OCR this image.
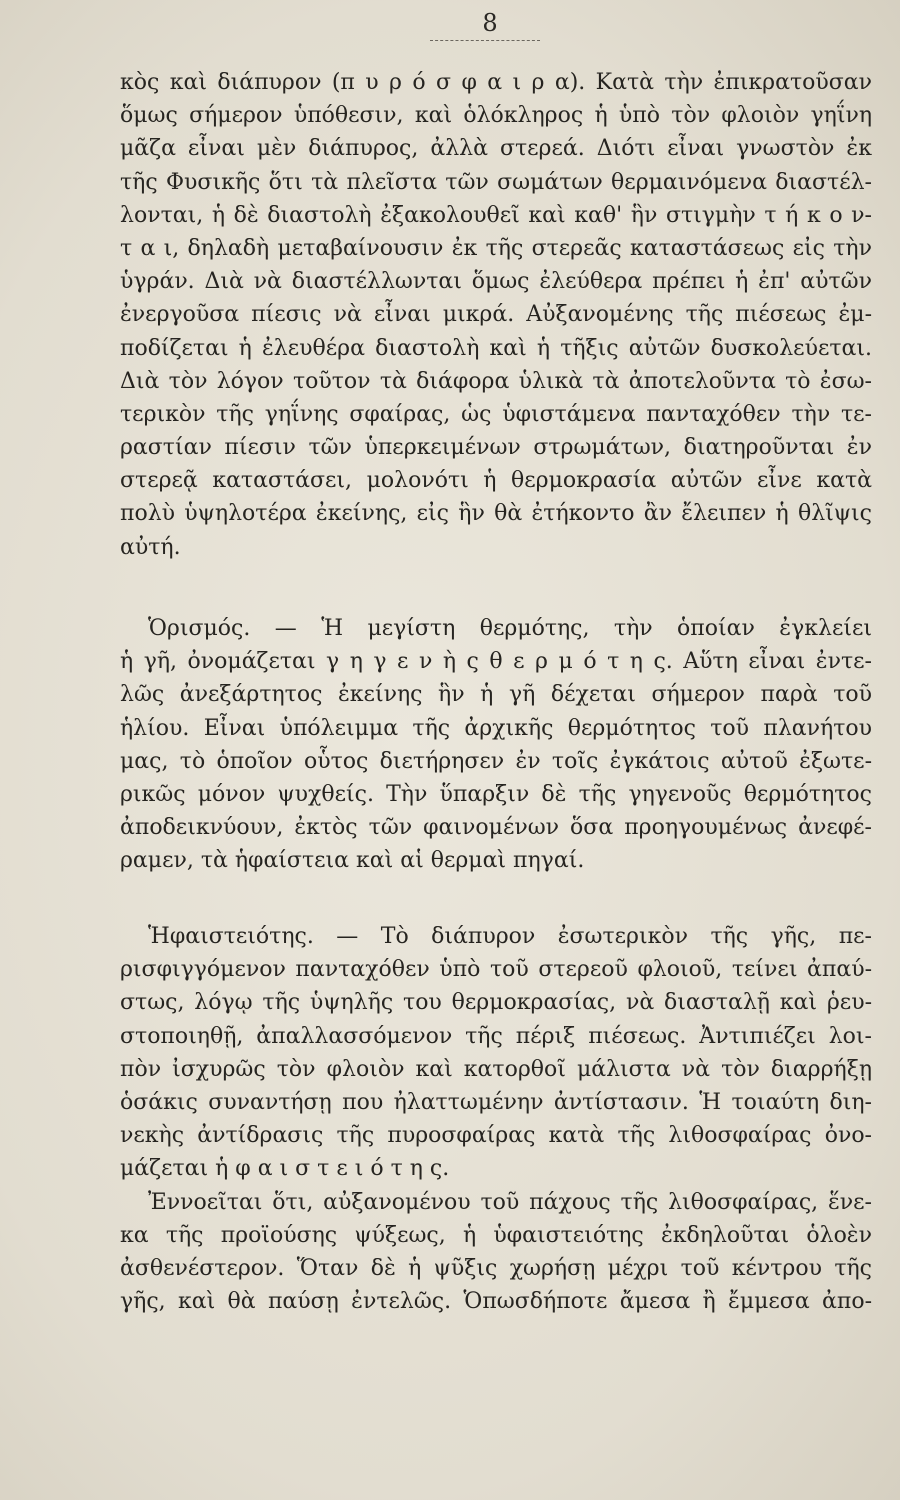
8
κὸς καὶ διάπυρον (π υ ρ ό σ φ α ι ρ α). Κατὰ τὴν ἐπικρατοῦσαν
ὅμως σήμερον ὑπόθεσιν, καὶ ὁλόκληρος ἡ ὑπὸ τὸν φλοιὸν γηΐνη
μᾶζα εἶναι μὲν διάπυρος, ἀλλὰ στερεά. Διότι εἶναι γνωστὸν ἐκ
τῆς Φυσικῆς ὅτι τὰ πλεῖστα τῶν σωμάτων θερμαινόμενα διαστέλ-
λονται, ἡ δὲ διαστολὴ ἐξακολουθεῖ καὶ καθ' ἣν στιγμὴν τ ή κ ο ν-
τ α ι, δηλαδὴ μεταβαίνουσιν ἐκ τῆς στερεᾶς καταστάσεως εἰς τὴν
ὑγράν. Διὰ νὰ διαστέλλωνται ὅμως ἐλεύθερα πρέπει ἡ ἐπ' αὐτῶν
ἐνεργοῦσα πίεσις νὰ εἶναι μικρά. Αὐξανομένης τῆς πιέσεως ἐμ-
ποδίζεται ἡ ἐλευθέρα διαστολὴ καὶ ἡ τῆξις αὐτῶν δυσκολεύεται.
Διὰ τὸν λόγον τοῦτον τὰ διάφορα ὑλικὰ τὰ ἀποτελοῦντα τὸ ἐσω-
τερικὸν τῆς γηΐνης σφαίρας, ὡς ὑφιστάμενα πανταχόθεν τὴν τε-
ραστίαν πίεσιν τῶν ὑπερκειμένων στρωμάτων, διατηροῦνται ἐν
στερεᾷ καταστάσει, μολονότι ἡ θερμοκρασία αὐτῶν εἶνε κατὰ
πολὺ ὑψηλοτέρα ἐκείνης, εἰς ἣν θὰ ἐτήκοντο ἂν ἔλειπεν ἡ θλῖψις
αὐτή.
Ὁρισμός. — Ἡ μεγίστη θερμότης, τὴν ὁποίαν ἐγκλείει
ἡ γῆ, ὀνομάζεται γ η γ ε ν ὴ ς θ ε ρ μ ό τ η ς. Αὕτη εἶναι ἐντε-
λῶς ἀνεξάρτητος ἐκείνης ἣν ἡ γῆ δέχεται σήμερον παρὰ τοῦ
ἡλίου. Εἶναι ὑπόλειμμα τῆς ἀρχικῆς θερμότητος τοῦ πλανήτου
μας, τὸ ὁποῖον οὗτος διετήρησεν ἐν τοῖς ἐγκάτοις αὐτοῦ ἐξωτε-
ρικῶς μόνον ψυχθείς. Τὴν ὕπαρξιν δὲ τῆς γηγενοῦς θερμότητος
ἀποδεικνύουν, ἐκτὸς τῶν φαινομένων ὅσα προηγουμένως ἀνεφέ-
ραμεν, τὰ ἡφαίστεια καὶ αἱ θερμαὶ πηγαί.
Ἡφαιστειότης. — Τὸ διάπυρον ἐσωτερικὸν τῆς γῆς, πε-
ρισφιγγόμενον πανταχόθεν ὑπὸ τοῦ στερεοῦ φλοιοῦ, τείνει ἀπαύ-
στως, λόγῳ τῆς ὑψηλῆς του θερμοκρασίας, νὰ διασταλῇ καὶ ῥευ-
στοποιηθῇ, ἀπαλλασσόμενον τῆς πέριξ πιέσεως. Ἀντιπιέζει λοι-
πὸν ἰσχυρῶς τὸν φλοιὸν καὶ κατορθοῖ μάλιστα νὰ τὸν διαρρήξῃ
ὁσάκις συναντήσῃ που ἠλαττωμένην ἀντίστασιν. Ἡ τοιαύτη διη-
νεκὴς ἀντίδρασις τῆς πυροσφαίρας κατὰ τῆς λιθοσφαίρας ὀνο-
μάζεται ἡ φ α ι σ τ ε ι ό τ η ς.
Ἐννοεῖται ὅτι, αὐξανομένου τοῦ πάχους τῆς λιθοσφαίρας, ἕνε-
κα τῆς προϊούσης ψύξεως, ἡ ὑφαιστειότης ἐκδηλοῦται ὁλοὲν
ἀσθενέστερον. Ὅταν δὲ ἡ ψῦξις χωρήσῃ μέχρι τοῦ κέντρου τῆς
γῆς, καὶ θὰ παύσῃ ἐντελῶς. Ὁπωσδήποτε ἄμεσα ἢ ἔμμεσα ἀπο-
